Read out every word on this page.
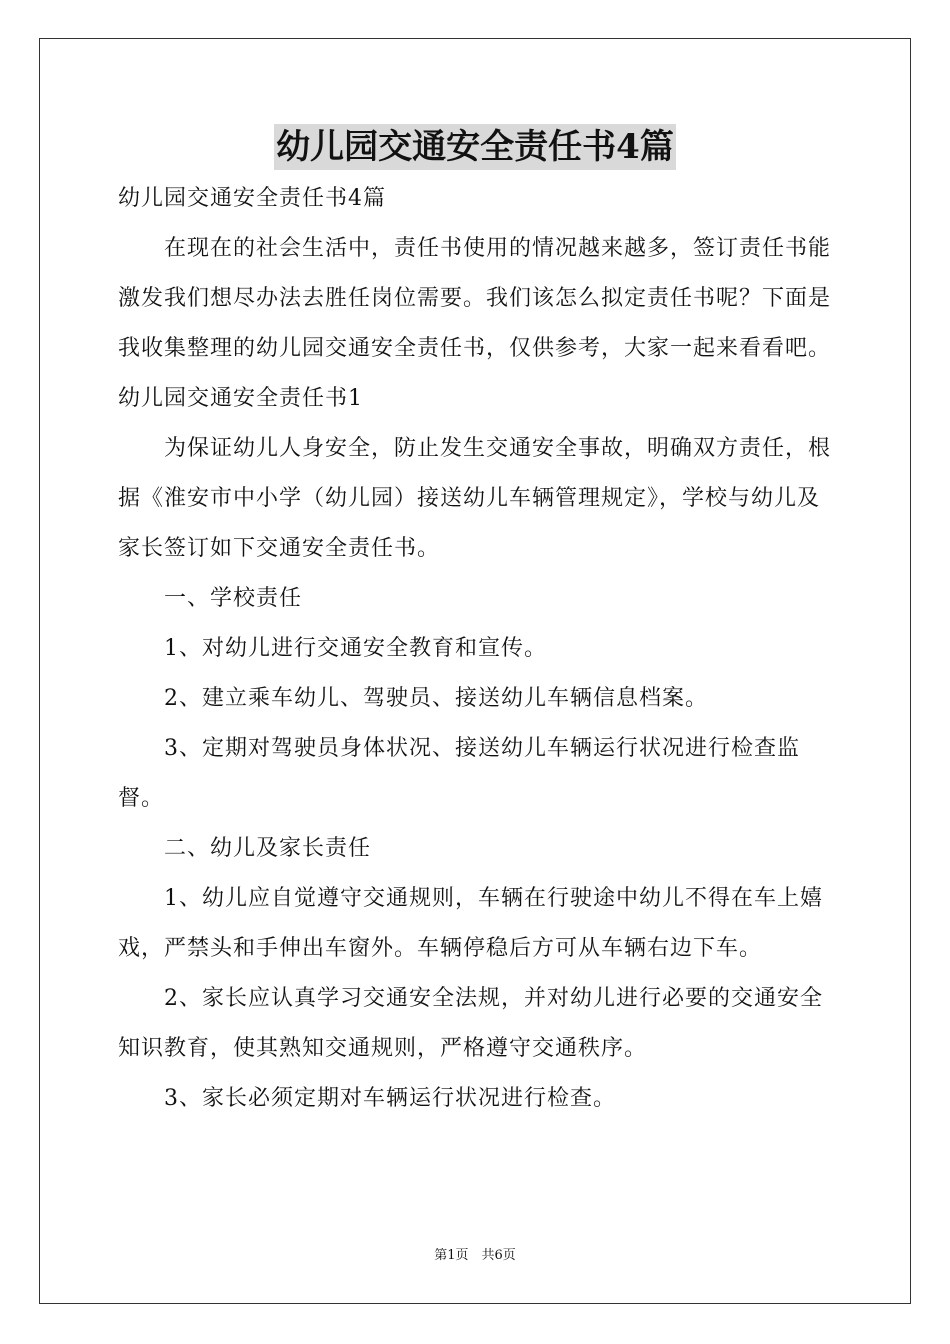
幼儿园交通安全责任书4篇

幼儿园交通安全责任书4篇

在现在的社会生活中，责任书使用的情况越来越多，签订责任书能激发我们想尽办法去胜任岗位需要。我们该怎么拟定责任书呢？下面是我收集整理的幼儿园交通安全责任书，仅供参考，大家一起来看看吧。

幼儿园交通安全责任书1

为保证幼儿人身安全，防止发生交通安全事故，明确双方责任，根据《淮安市中小学（幼儿园）接送幼儿车辆管理规定》，学校与幼儿及家长签订如下交通安全责任书。

一、学校责任

1、对幼儿进行交通安全教育和宣传。

2、建立乘车幼儿、驾驶员、接送幼儿车辆信息档案。

3、定期对驾驶员身体状况、接送幼儿车辆运行状况进行检查监督。

二、幼儿及家长责任

1、幼儿应自觉遵守交通规则，车辆在行驶途中幼儿不得在车上嬉戏，严禁头和手伸出车窗外。车辆停稳后方可从车辆右边下车。

2、家长应认真学习交通安全法规，并对幼儿进行必要的交通安全知识教育，使其熟知交通规则，严格遵守交通秩序。

3、家长必须定期对车辆运行状况进行检查。

第1页　共6页
